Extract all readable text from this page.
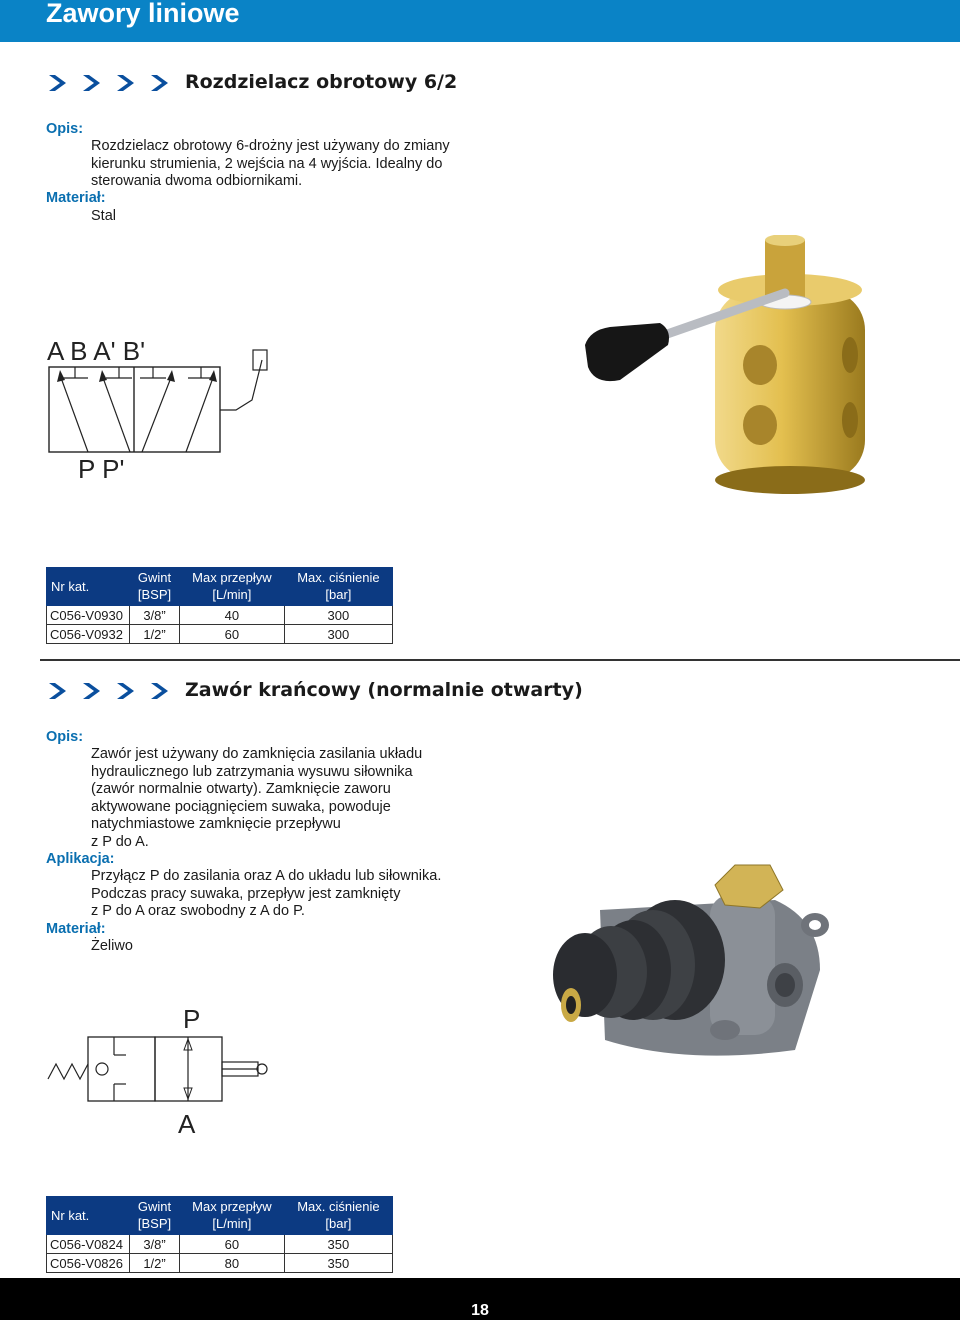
Zawory liniowe
Rozdzielacz obrotowy 6/2
Opis:
Rozdzielacz obrotowy 6-drożny jest używany do zmiany
kierunku strumienia, 2 wejścia na 4 wyjścia. Idealny do
sterowania dwoma odbiornikami.
Materiał:
Stal
A B A' B'
P P'
Nr kat.	Gwint	Max przepływ	Max. ciśnienie
	[BSP]	[L/min]	[bar]
C056-V0930	3/8”	40	300
C056-V0932	1/2”	60	300
Zawór krańcowy (normalnie otwarty)
Opis:
Zawór jest używany do zamknięcia zasilania układu
hydraulicznego lub zatrzymania wysuwu siłownika
(zawór normalnie otwarty). Zamknięcie zaworu
aktywowane pociągnięciem suwaka, powoduje
natychmiastowe zamknięcie przepływu
z P do A.
Aplikacja:
Przyłącz P do zasilania oraz A do układu lub siłownika.
Podczas pracy suwaka, przepływ jest zamknięty
z P do A oraz swobodny z A do P.
Materiał:
Żeliwo
P
A
Nr kat.	Gwint	Max przepływ	Max. ciśnienie
	[BSP]	[L/min]	[bar]
C056-V0824	3/8”	60	350
C056-V0826	1/2”	80	350
18
